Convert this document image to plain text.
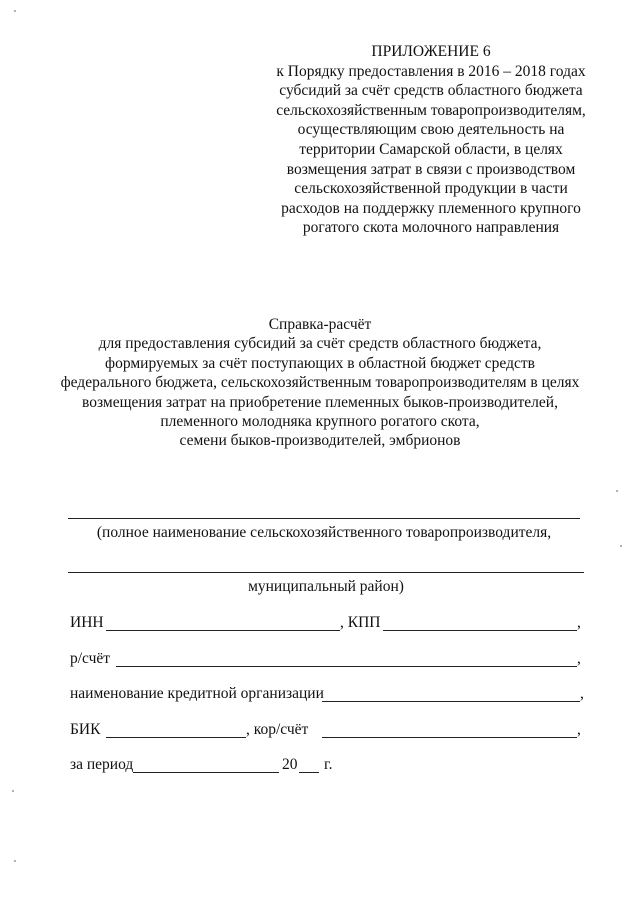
ПРИЛОЖЕНИЕ 6
к Порядку предоставления в 2016 – 2018 годах
субсидий за счёт средств областного бюджета
сельскохозяйственным товаропроизводителям,
осуществляющим свою деятельность на
территории Самарской области, в целях
возмещения затрат в связи с производством
сельскохозяйственной продукции в части
расходов на поддержку племенного крупного
рогатого скота молочного направления
Справка-расчёт
для предоставления субсидий за счёт средств областного бюджета,
формируемых за счёт поступающих в областной бюджет средств
федерального бюджета, сельскохозяйственным товаропроизводителям в целях
возмещения затрат на приобретение племенных быков-производителей,
племенного молодняка крупного рогатого скота,
семени быков-производителей, эмбрионов
(полное наименование сельскохозяйственного товаропроизводителя,
муниципальный район)
ИНН	, КПП	,
р/счёт	,
наименование кредитной организации	,
БИК	, кор/счёт	,
за период	20 г.
